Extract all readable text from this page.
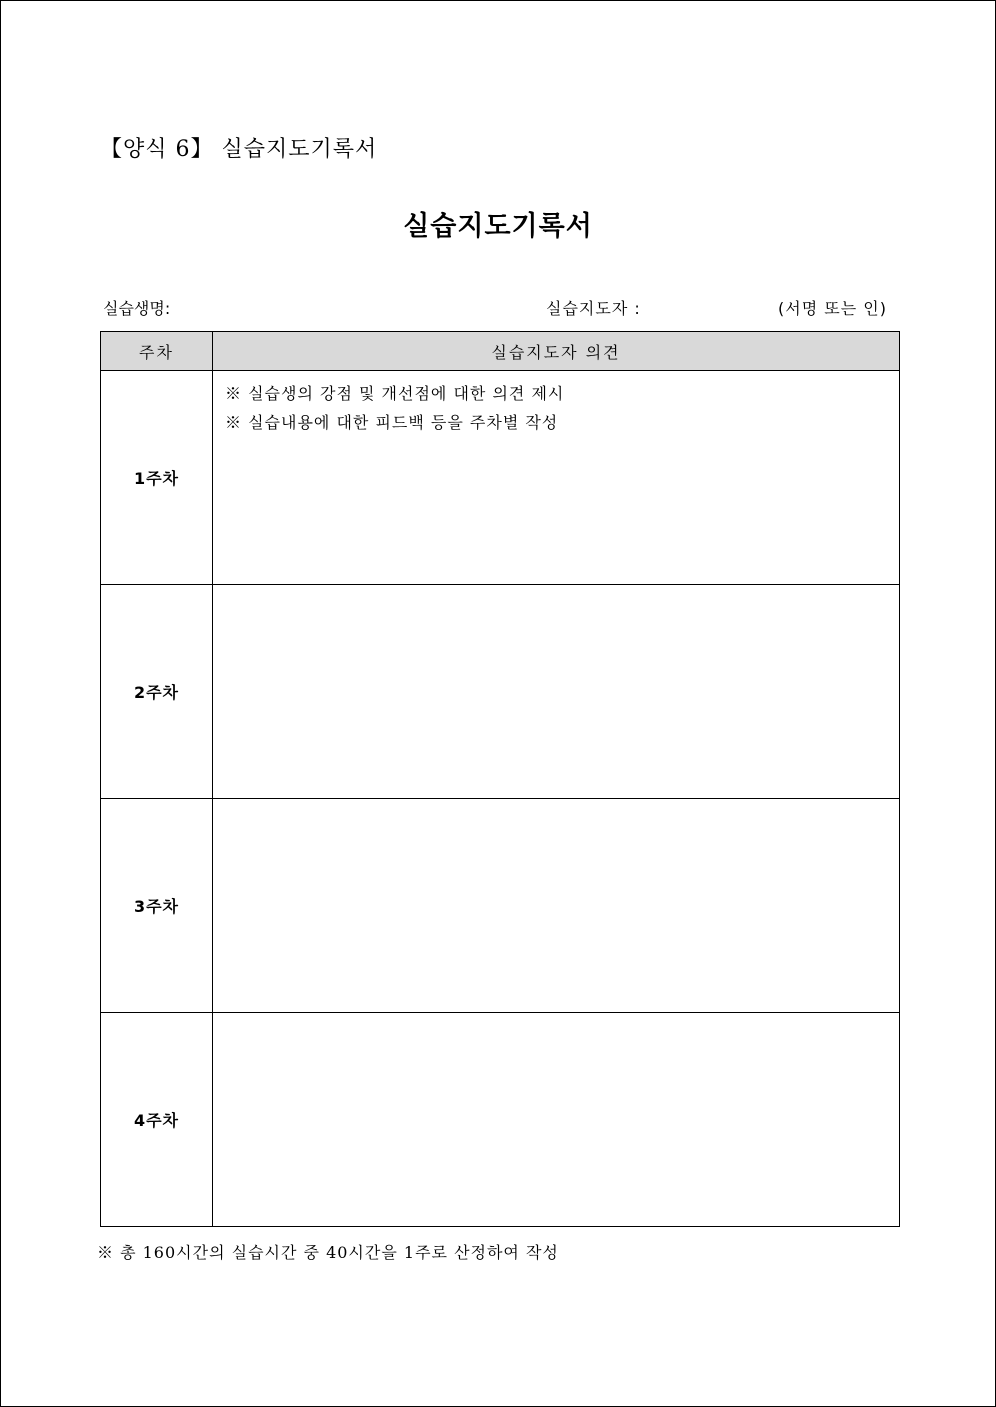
【양식 6】 실습지도기록서
실습지도기록서
실습생명:	실습지도자 :	(서명 또는 인)
주차	실습지도자 의견
1주차	※ 실습생의 강점 및 개선점에 대한 의견 제시
※ 실습내용에 대한 피드백 등을 주차별 작성

2주차	
3주차	
4주차	
※ 총 160시간의 실습시간 중 40시간을 1주로 산정하여 작성
